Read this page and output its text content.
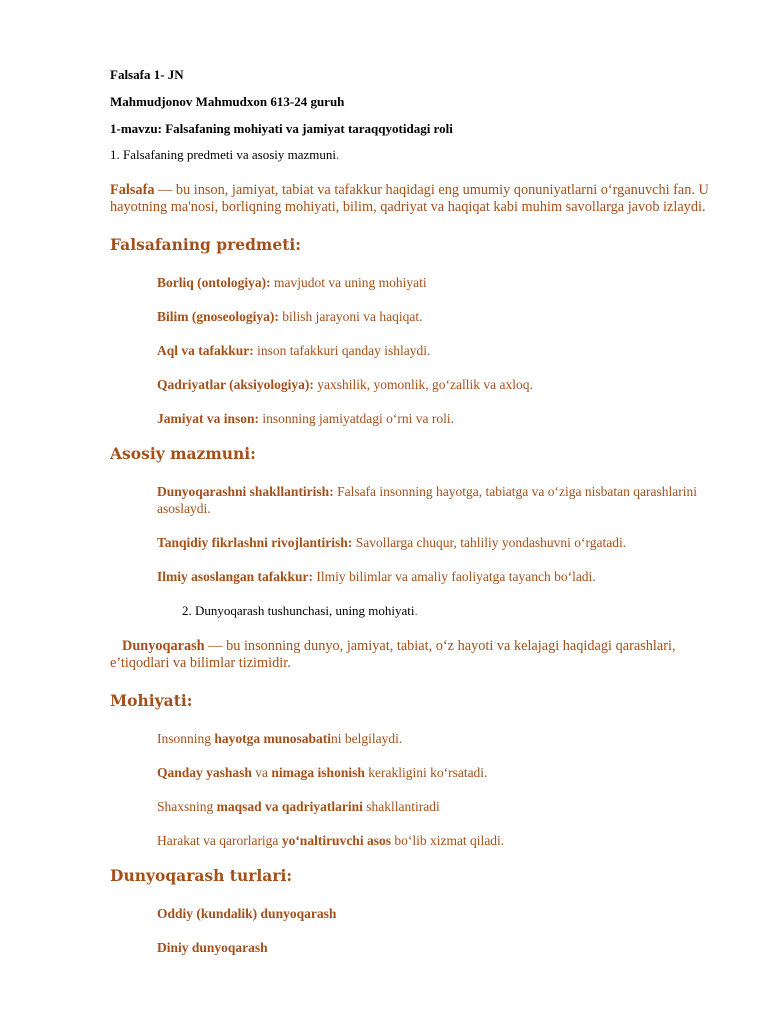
Falsafa 1- JN

Mahmudjonov Mahmudxon 613-24 guruh

1-mavzu: Falsafaning mohiyati va jamiyat taraqqyotidagi roli

1. Falsafaning predmeti va asosiy mazmuni.

Falsafa — bu inson, jamiyat, tabiat va tafakkur haqidagi eng umumiy qonuniyatlarni o‘rganuvchi fan. U hayotning ma'nosi, borliqning mohiyati, bilim, qadriyat va haqiqat kabi muhim savollarga javob izlaydi.

Falsafaning predmeti:

Borliq (ontologiya): mavjudot va uning mohiyati

Bilim (gnoseologiya): bilish jarayoni va haqiqat.

Aql va tafakkur: inson tafakkuri qanday ishlaydi.

Qadriyatlar (aksiyologiya): yaxshilik, yomonlik, go‘zallik va axloq.

Jamiyat va inson: insonning jamiyatdagi o‘rni va roli.

Asosiy mazmuni:

Dunyoqarashni shakllantirish: Falsafa insonning hayotga, tabiatga va o‘ziga nisbatan qarashlarini asoslaydi.

Tanqidiy fikrlashni rivojlantirish: Savollarga chuqur, tahliliy yondashuvni o‘rgatadi.

Ilmiy asoslangan tafakkur: Ilmiy bilimlar va amaliy faoliyatga tayanch bo‘ladi.

2. Dunyoqarash tushunchasi, uning mohiyati.

Dunyoqarash — bu insonning dunyo, jamiyat, tabiat, o‘z hayoti va kelajagi haqidagi qarashlari, e’tiqodlari va bilimlar tizimidir.

Mohiyati:

Insonning hayotga munosabatini belgilaydi.

Qanday yashash va nimaga ishonish kerakligini ko‘rsatadi.

Shaxsning maqsad va qadriyatlarini shakllantiradi

Harakat va qarorlariga yo‘naltiruvchi asos bo‘lib xizmat qiladi.

Dunyoqarash turlari:

Oddiy (kundalik) dunyoqarash

Diniy dunyoqarash
